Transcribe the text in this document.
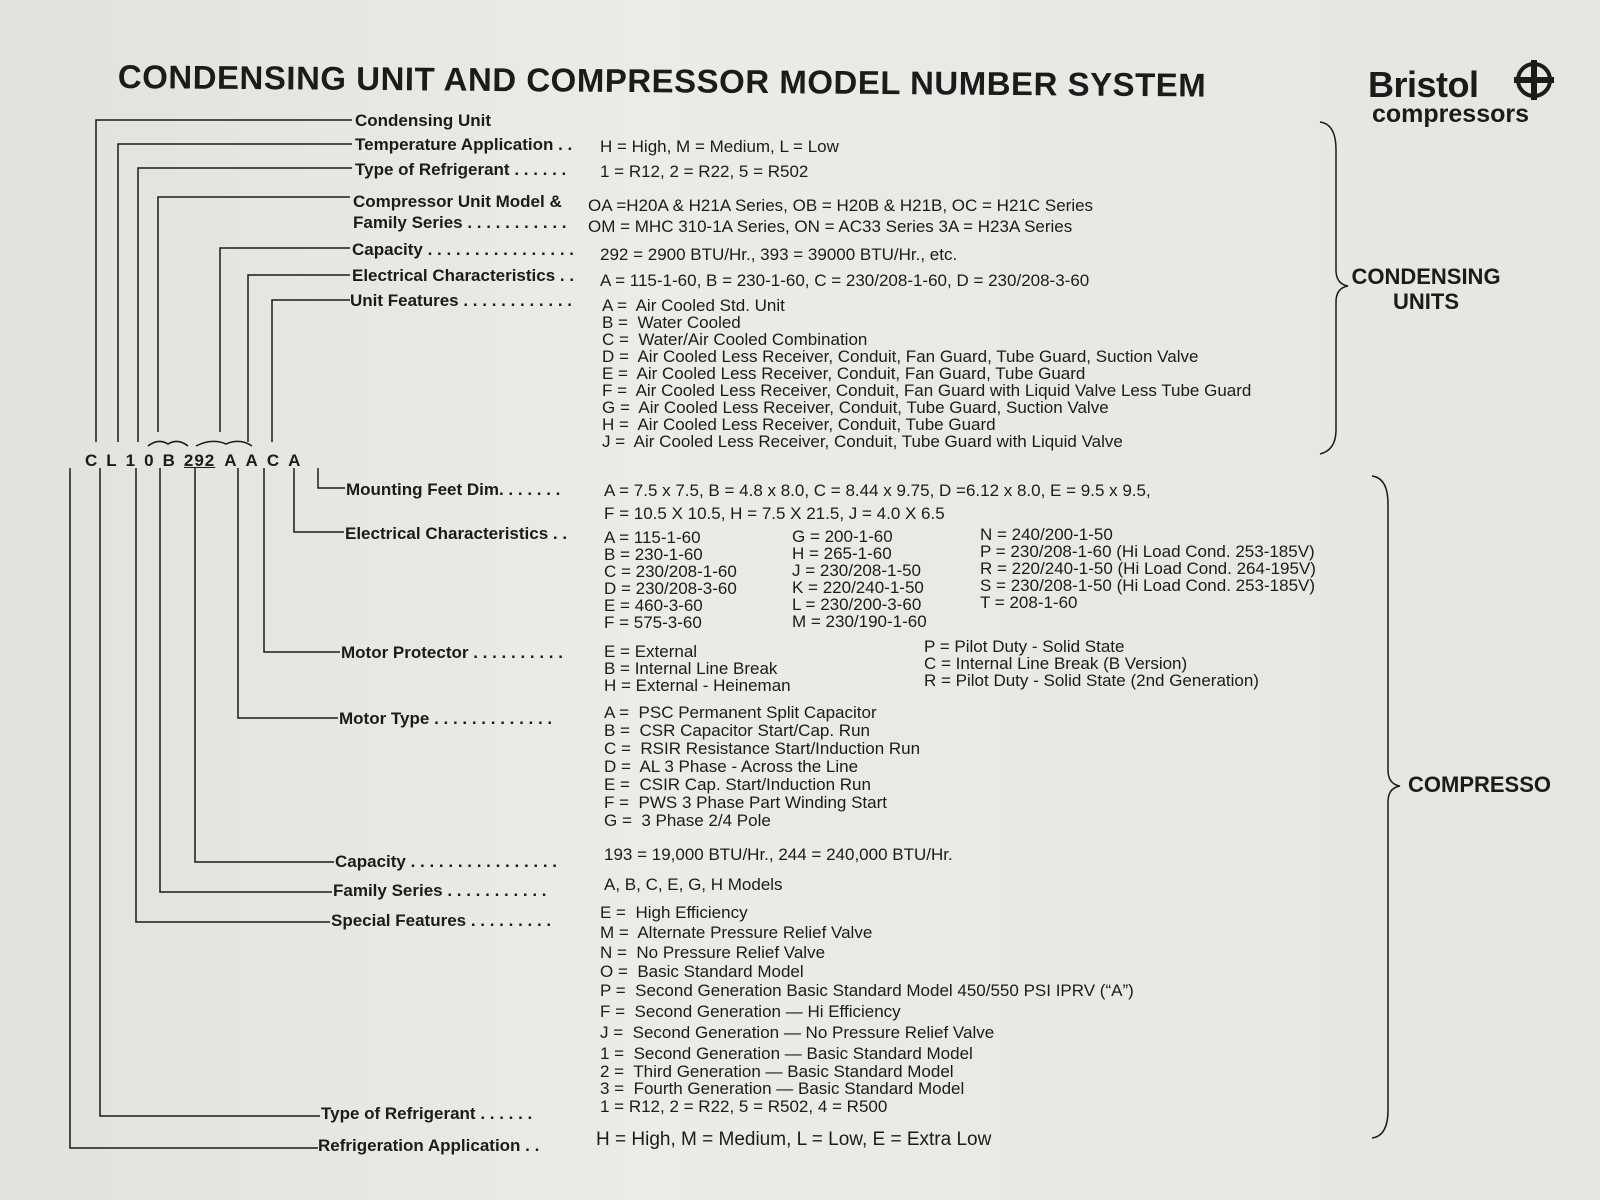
CONDENSING UNIT AND COMPRESSOR MODEL NUMBER SYSTEM	Bristol
compressors
CL10B292 AACA
CONDENSING UNITS
COMPRESSO
Condensing Unit
Temperature Application . . H = High, M = Medium, L = Low
Type of Refrigerant . . . . . . 1 = R12, 2 = R22, 5 = R502
Compressor Unit Model &
Family Series . . . . . . . . . . .
OA =H20A & H21A Series, OB = H20B & H21B, OC = H21C Series
OM = MHC 310-1A Series, ON = AC33 Series 3A = H23A Series
Capacity . . . . . . . . . . . . . . . . 292 = 2900 BTU/Hr., 393 = 39000 BTU/Hr., etc.
Electrical Characteristics . . A = 115-1-60, B = 230-1-60, C = 230/208-1-60, D = 230/208-3-60
Unit Features . . . . . . . . . . . . A = Air Cooled Std. Unit
B = Water Cooled
C = Water/Air Cooled Combination
D = Air Cooled Less Receiver, Conduit, Fan Guard, Tube Guard, Suction Valve
E = Air Cooled Less Receiver, Conduit, Fan Guard, Tube Guard
F = Air Cooled Less Receiver, Conduit, Fan Guard with Liquid Valve Less Tube Guard
G = Air Cooled Less Receiver, Conduit, Tube Guard, Suction Valve
H = Air Cooled Less Receiver, Conduit, Tube Guard
J = Air Cooled Less Receiver, Conduit, Tube Guard with Liquid Valve
Mounting Feet Dim. . . . . . .	A = 7.5 x 7.5, B = 4.8 x 8.0, C = 8.44 x 9.75, D =6.12 x 8.0, E = 9.5 x 9.5,
F = 10.5 X 10.5, H = 7.5 X 21.5, J = 4.0 X 6.5
Electrical Characteristics . . A = 115-1-60
B = 230-1-60
C = 230/208-1-60
D = 230/208-3-60
E = 460-3-60
F = 575-3-60
G = 200-1-60
H = 265-1-60
J = 230/208-1-50
K = 220/240-1-50
L = 230/200-3-60
M = 230/190-1-60
N = 240/200-1-50
P = 230/208-1-60 (Hi Load Cond. 253-185V)
R = 220/240-1-50 (Hi Load Cond. 264-195V)
S = 230/208-1-50 (Hi Load Cond. 253-185V)
T = 208-1-60
Motor Protector . . . . . . . . . . E = External
B = Internal Line Break
H = External - Heineman
P = Pilot Duty - Solid State
C = Internal Line Break (B Version)
R = Pilot Duty - Solid State (2nd Generation)
Motor Type . . . . . . . . . . . . .	A = PSC Permanent Split Capacitor
B = CSR Capacitor Start/Cap. Run
C = RSIR Resistance Start/Induction Run
D = AL 3 Phase - Across the Line
E = CSIR Cap. Start/Induction Run
F = PWS 3 Phase Part Winding Start
G = 3 Phase 2/4 Pole
Capacity . . . . . . . . . . . . . . . .	193 = 19,000 BTU/Hr., 244 = 240,000 BTU/Hr.
Family Series . . . . . . . . . . .	A, B, C, E, G, H Models
Special Features . . . . . . . . .	E = High Efficiency
M = Alternate Pressure Relief Valve
N = No Pressure Relief Valve
O = Basic Standard Model
P = Second Generation Basic Standard Model 450/550 PSI IPRV (“A”)
F = Second Generation — Hi Efficiency
J = Second Generation — No Pressure Relief Valve
1 = Second Generation — Basic Standard Model
2 = Third Generation — Basic Standard Model
3 = Fourth Generation — Basic Standard Model
Type of Refrigerant . . . . . .	1 = R12, 2 = R22, 5 = R502, 4 = R500
Refrigeration Application . .	H = High, M = Medium, L = Low, E = Extra Low
